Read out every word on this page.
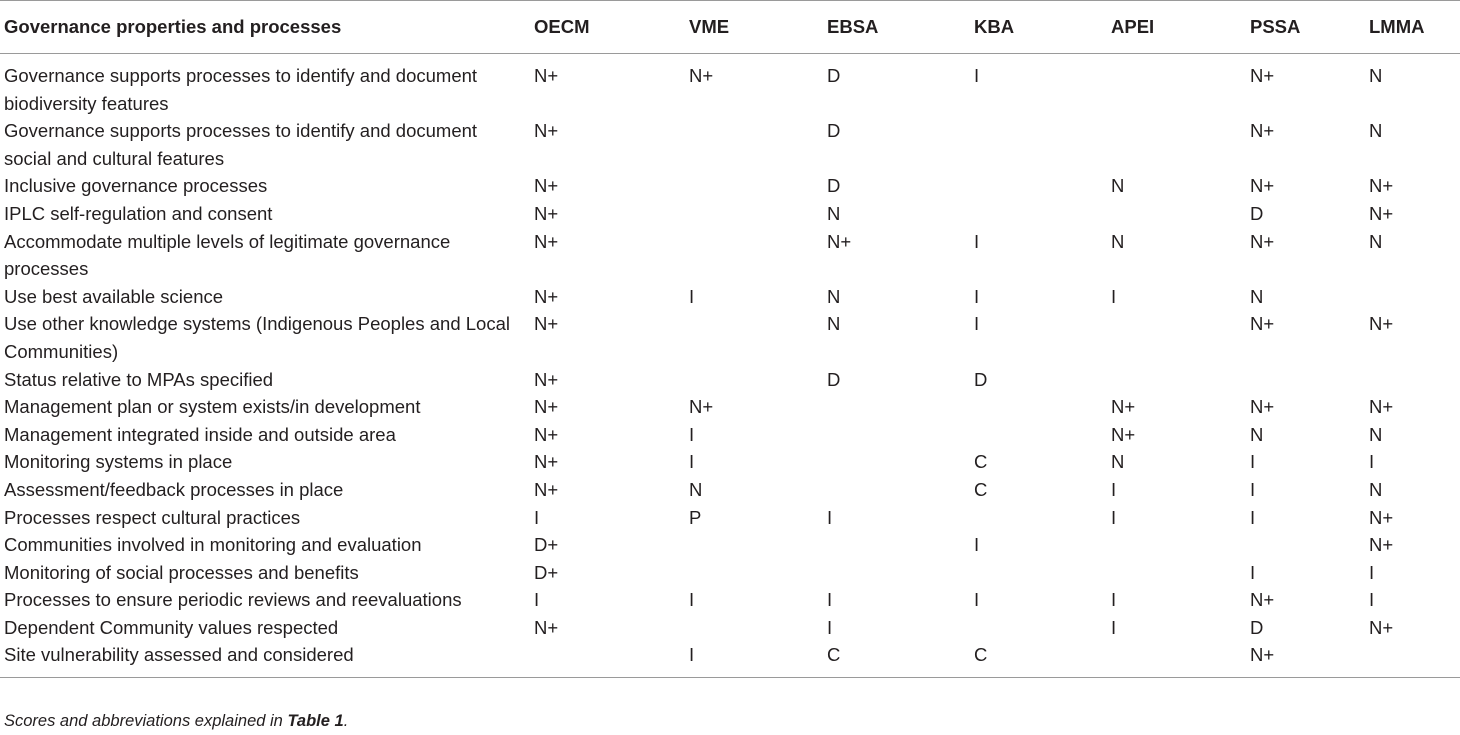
Governance properties and processes	OECM	VME	EBSA	KBA	APEI	PSSA	LMMA
Governance supports processes to identify and document biodiversity features	N+	N+	D	I		N+	N
Governance supports processes to identify and document social and cultural features	N+		D			N+	N
Inclusive governance processes	N+		D		N	N+	N+
IPLC self-regulation and consent	N+		N			D	N+
Accommodate multiple levels of legitimate governance processes	N+		N+	I	N	N+	N
Use best available science	N+	I	N	I	I	N	
Use other knowledge systems (Indigenous Peoples and Local Communities)	N+		N	I		N+	N+
Status relative to MPAs specified	N+		D	D			
Management plan or system exists/in development	N+	N+			N+	N+	N+
Management integrated inside and outside area	N+	I			N+	N	N
Monitoring systems in place	N+	I		C	N	I	I
Assessment/feedback processes in place	N+	N		C	I	I	N
Processes respect cultural practices	I	P	I		I	I	N+
Communities involved in monitoring and evaluation	D+			I			N+
Monitoring of social processes and benefits	D+					I	I
Processes to ensure periodic reviews and reevaluations	I	I	I	I	I	N+	I
Dependent Community values respected	N+		I		I	D	N+
Site vulnerability assessed and considered		I	C	C		N+	
Scores and abbreviations explained in Table 1.
